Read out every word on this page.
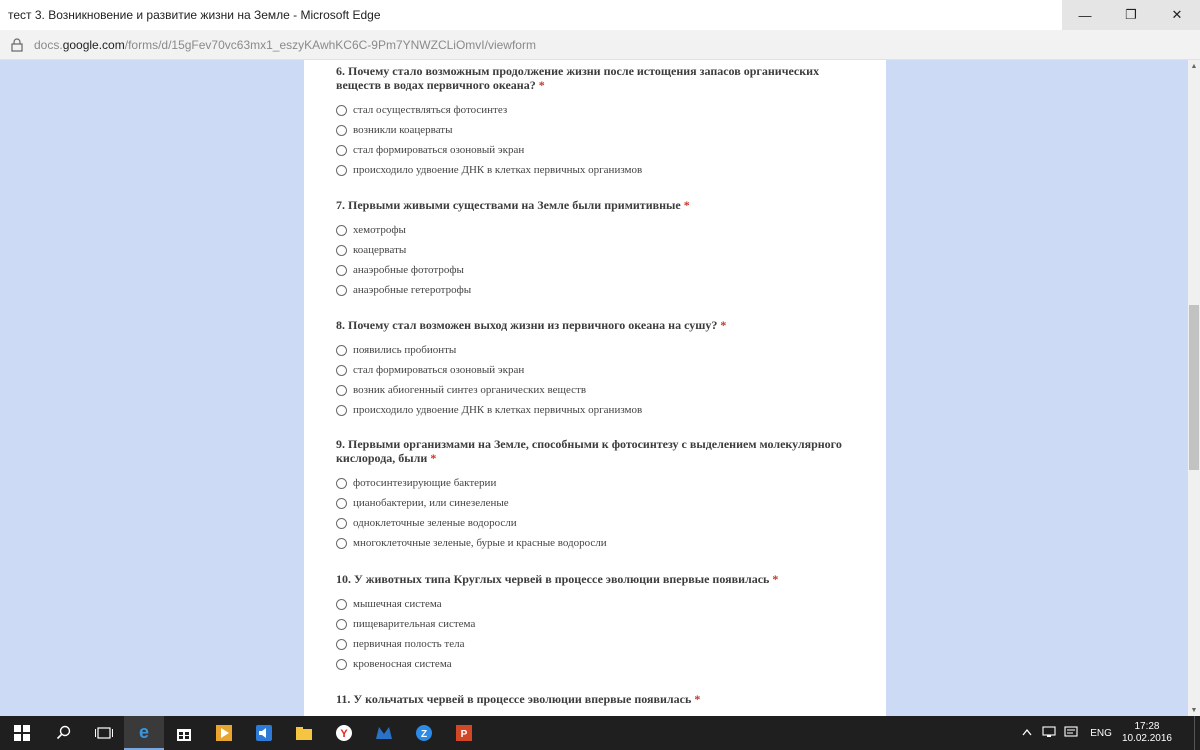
тест 3. Возникновение и развитие жизни на Земле - Microsoft Edge	—	❐	✕
docs.google.com/forms/d/15gFev70vc63mx1_eszyKAwhKC6C-9Pm7YNWZCLiOmvI/viewform
6. Почему стало возможным продолжение жизни после истощения запасов органических веществ в водах первичного океана? *
стал осуществляться фотосинтез
возникли коацерваты
стал формироваться озоновый экран
происходило удвоение ДНК в клетках первичных организмов
7. Первыми живыми существами на Земле были примитивные *
хемотрофы
коацерваты
анаэробные фототрофы
анаэробные гетеротрофы
8. Почему стал возможен выход жизни из первичного океана на сушу? *
появились пробионты
стал формироваться озоновый экран
возник абиогенный синтез органических веществ
происходило удвоение ДНК в клетках первичных организмов
9. Первыми организмами на Земле, способными к фотосинтезу с выделением молекулярного кислорода, были *
фотосинтезирующие бактерии
цианобактерии, или синезеленые
одноклеточные зеленые водоросли
многоклеточные зеленые, бурые и красные водоросли
10. У животных типа Круглых червей в процессе эволюции впервые появилась *
мышечная система
пищеварительная система
первичная полость тела
кровеносная система
11. У кольчатых червей в процессе эволюции впервые появилась *
▲
▼
e	Y	Z	P	ENG
17:28
10.02.2016
